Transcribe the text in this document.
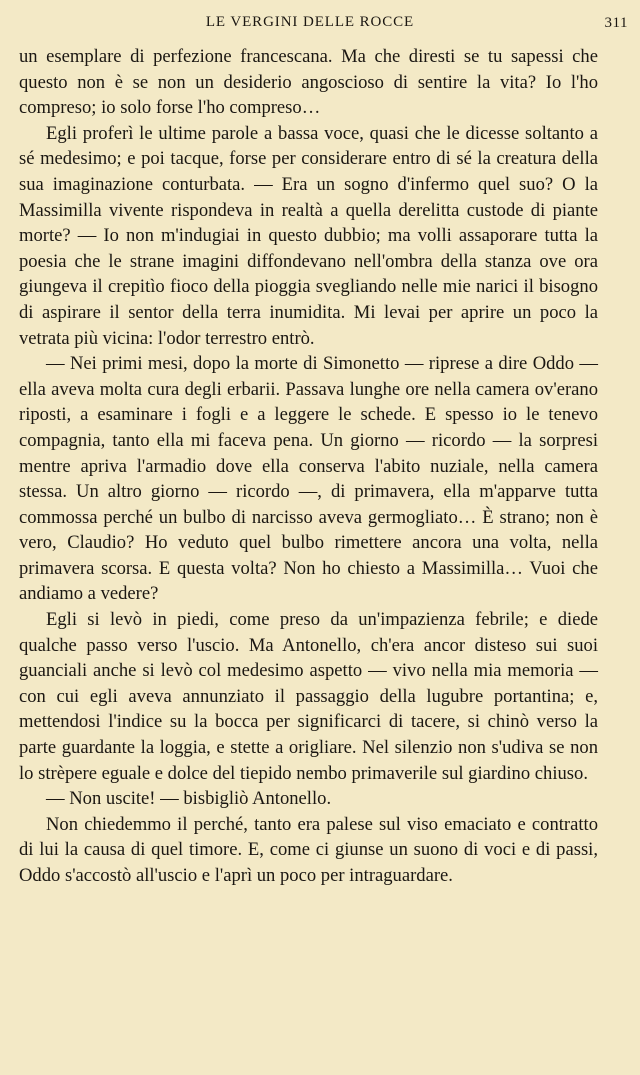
LE VERGINI DELLE ROCCE	311

un esemplare di perfezione francescana. Ma che diresti se tu sapessi che questo non è se non un desiderio angoscioso di sentire la vita? Io l'ho compreso; io solo forse l'ho compreso…

Egli proferì le ultime parole a bassa voce, quasi che le dicesse soltanto a sé medesimo; e poi tacque, forse per considerare entro di sé la creatura della sua imaginazione conturbata. — Era un sogno d'infermo quel suo? O la Massimilla vivente rispondeva in realtà a quella derelitta custode di piante morte? — Io non m'indugiai in questo dubbio; ma volli assaporare tutta la poesia che le strane imagini diffondevano nell'ombra della stanza ove ora giungeva il crepitìo fioco della pioggia svegliando nelle mie narici il bisogno di aspirare il sentor della terra inumidita. Mi levai per aprire un poco la vetrata più vicina: l'odor terrestro entrò.

— Nei primi mesi, dopo la morte di Simonetto — riprese a dire Oddo — ella aveva molta cura degli erbarii. Passava lunghe ore nella camera ov'erano riposti, a esaminare i fogli e a leggere le schede. E spesso io le tenevo compagnia, tanto ella mi faceva pena. Un giorno — ricordo — la sorpresi mentre apriva l'armadio dove ella conserva l'abito nuziale, nella camera stessa. Un altro giorno — ricordo —, di primavera, ella m'apparve tutta commossa perché un bulbo di narcisso aveva germogliato… È strano; non è vero, Claudio? Ho veduto quel bulbo rimettere ancora una volta, nella primavera scorsa. E questa volta? Non ho chiesto a Massimilla… Vuoi che andiamo a vedere?

Egli si levò in piedi, come preso da un'impazienza febrile; e diede qualche passo verso l'uscio. Ma Antonello, ch'era ancor disteso sui suoi guanciali anche si levò col medesimo aspetto — vivo nella mia memoria — con cui egli aveva annunziato il passaggio della lugubre portantina; e, mettendosi l'indice su la bocca per significarci di tacere, si chinò verso la parte guardante la loggia, e stette a origliare. Nel silenzio non s'udiva se non lo strèpere eguale e dolce del tiepido nembo primaverile sul giardino chiuso.

— Non uscite! — bisbigliò Antonello.

Non chiedemmo il perché, tanto era palese sul viso emaciato e contratto di lui la causa di quel timore. E, come ci giunse un suono di voci e di passi, Oddo s'accostò all'uscio e l'aprì un poco per intraguardare.
